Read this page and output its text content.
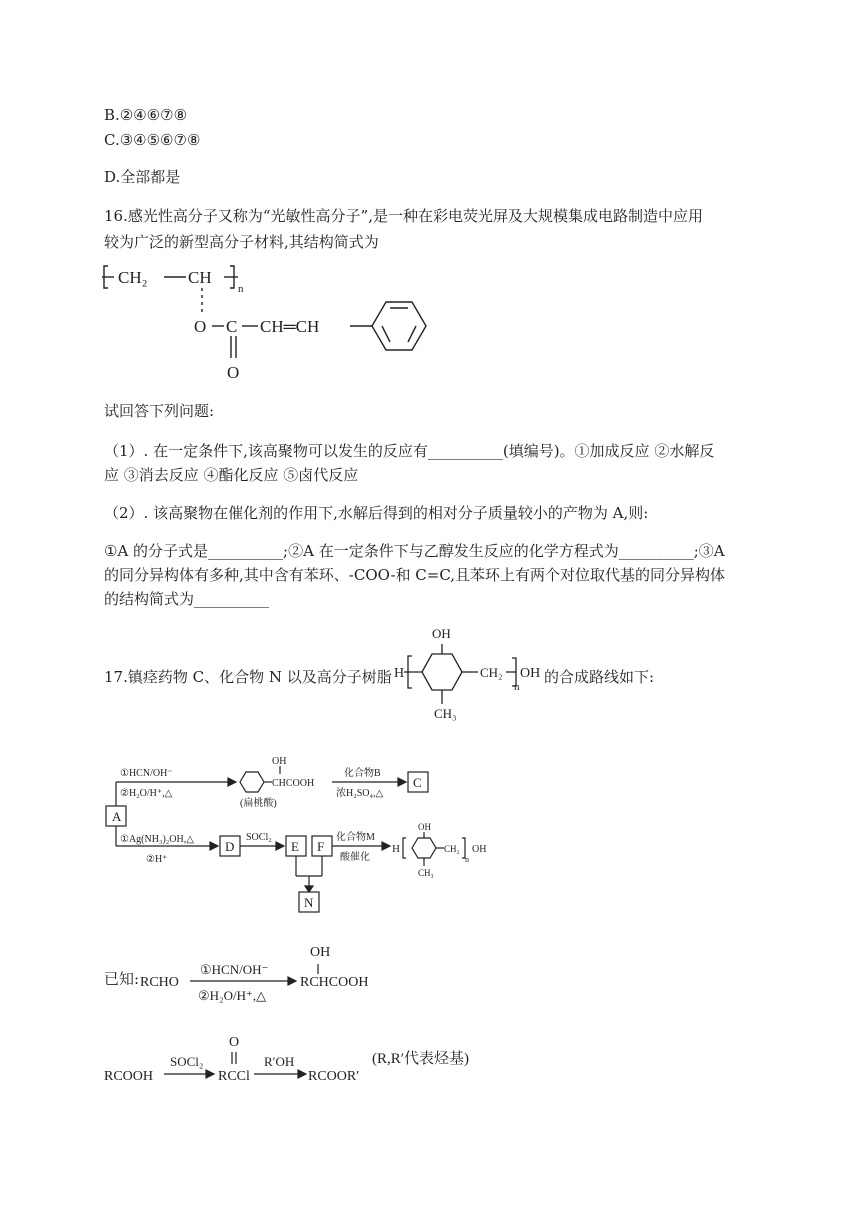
B.②④⑥⑦⑧
C.③④⑤⑥⑦⑧
D.全部都是
16.感光性高分子又称为“光敏性高分子”,是一种在彩电荧光屏及大规模集成电路制造中应用
较为广泛的新型高分子材料,其结构简式为
CH₂ CH
n
O C CH═CH
O
试回答下列问题:
（1）. 在一定条件下,该高聚物可以发生的反应有__________(填编号)。①加成反应 ②水解反
应 ③消去反应 ④酯化反应 ⑤卤代反应
（2）. 该高聚物在催化剂的作用下,水解后得到的相对分子质量较小的产物为 A,则:
①A 的分子式是__________;②A 在一定条件下与乙醇发生反应的化学方程式为__________;③A
的同分异构体有多种,其中含有苯环、-COO-和 C=C,且苯环上有两个对位取代基的同分异构体
的结构简式为__________
17.镇痉药物 C、化合物 N 以及高分子树脂
OH
H	CH₂
n
OH
CH₃
的合成路线如下:
A
①HCN/OH⁻
②H₂O/H⁺,△
OH
CHCOOH
(扁桃酸)
化合物B
浓H₂SO₄,△
C
①Ag(NH₃)₂OH,△
②H⁺
D
SOCl₂
E F
化合物M
酸催化
N
OH
H	CH₂
n
OH
CH₃
已知: RCHO
①HCN/OH⁻
②H₂O/H⁺,△
OH
RCHCOOH
RCOOH
SOCl₂
O
RCCl
R′OH
RCOOR′
(R,R′代表烃基)
